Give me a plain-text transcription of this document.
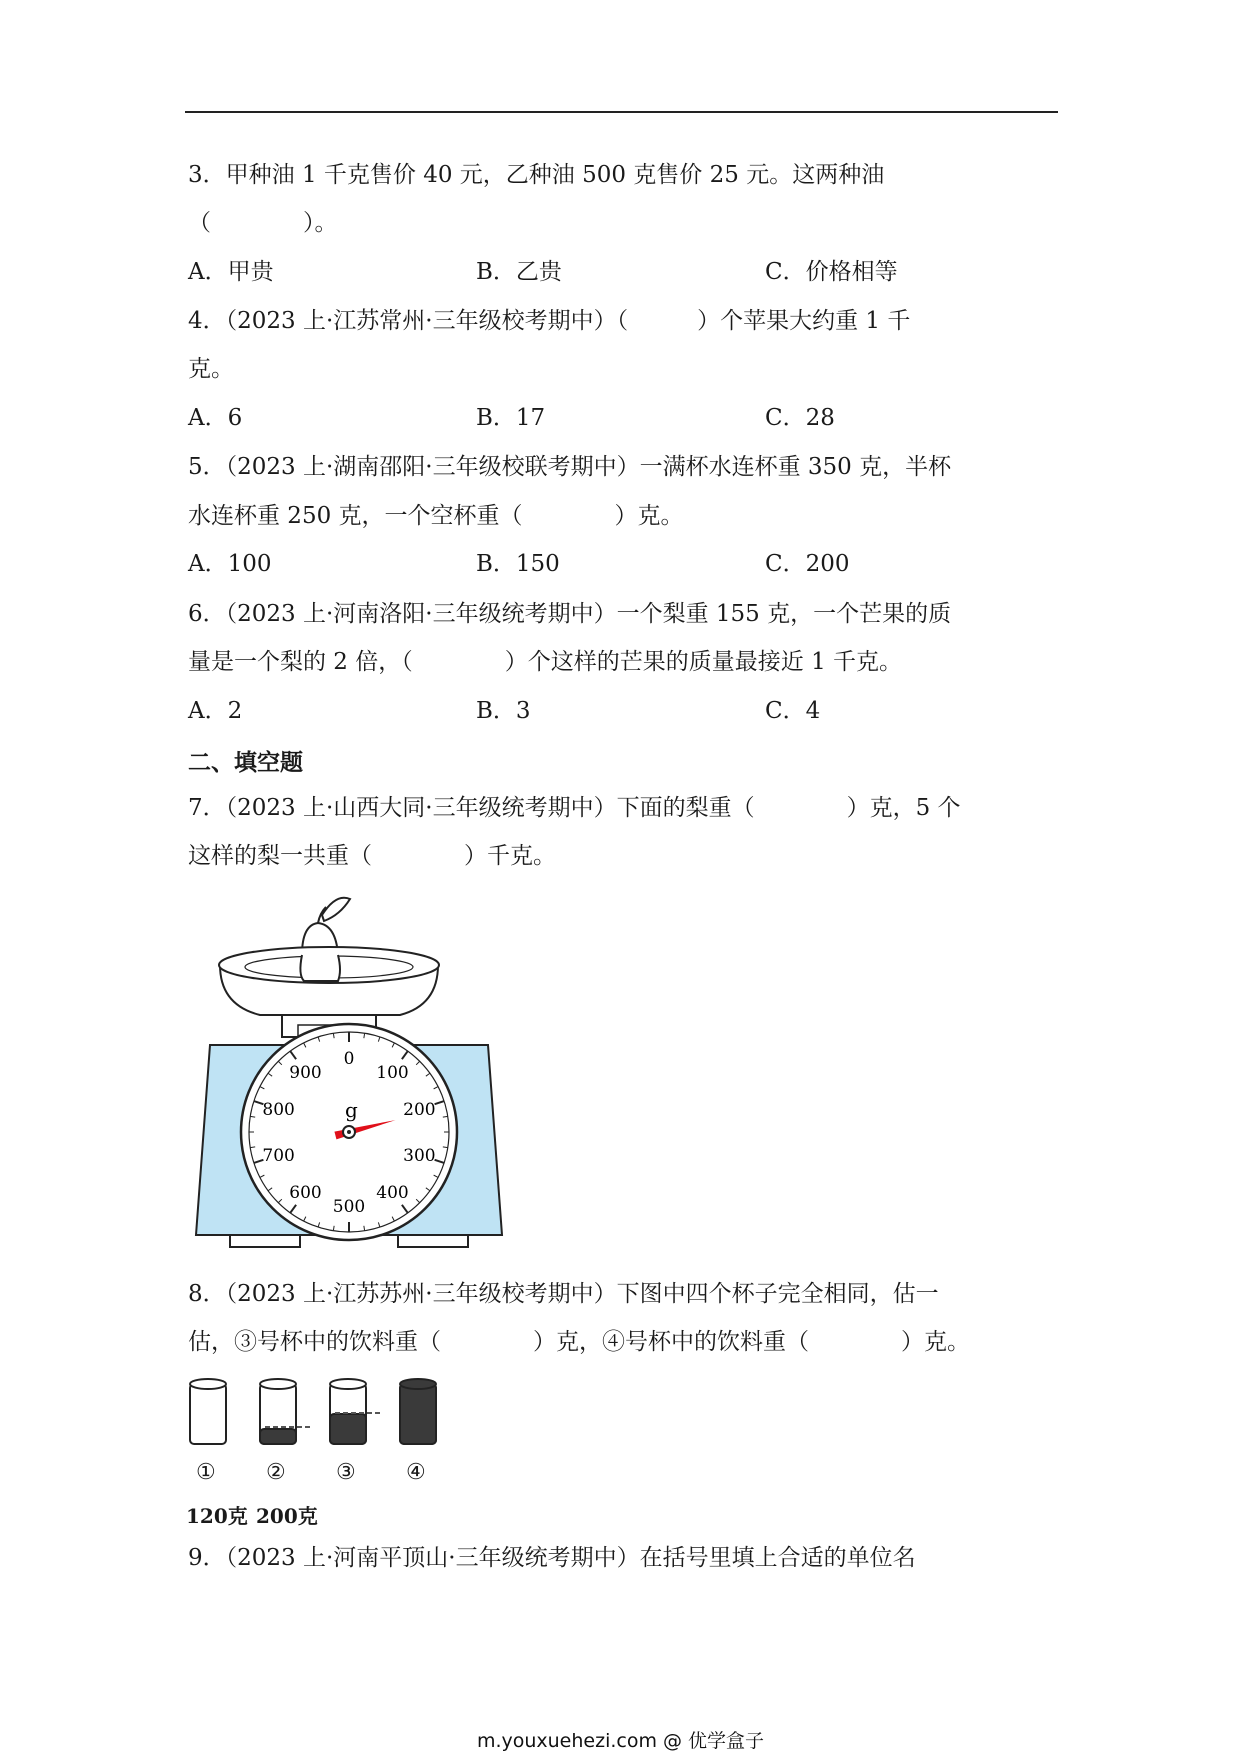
3．甲种油 1 千克售价 40 元，乙种油 500 克售价 25 元。这两种油
（　　　　）。
A．甲贵	B．乙贵	C．价格相等
4．（2023 上·江苏常州·三年级校考期中）（　　　）个苹果大约重 1 千
克。
A．6	B．17	C．28
5．（2023 上·湖南邵阳·三年级校联考期中）一满杯水连杯重 350 克，半杯
水连杯重 250 克，一个空杯重（　　　　）克。
A．100	B．150	C．200
6．（2023 上·河南洛阳·三年级统考期中）一个梨重 155 克，一个芒果的质
量是一个梨的 2 倍，（　　　　）个这样的芒果的质量最接近 1 千克。
A．2	B．3	C．4
二、填空题
7．（2023 上·山西大同·三年级统考期中）下面的梨重（　　　　）克，5 个
这样的梨一共重（　　　　）千克。
0
100
200
300
400
500
600
700
800
900
g
8．（2023 上·江苏苏州·三年级校考期中）下图中四个杯子完全相同，估一
估，③号杯中的饮料重（　　　　）克，④号杯中的饮料重（　　　　）克。
①
120克
②
200克
③ ④
9．（2023 上·河南平顶山·三年级统考期中）在括号里填上合适的单位名
m.youxuehezi.com @ 优学盒子
